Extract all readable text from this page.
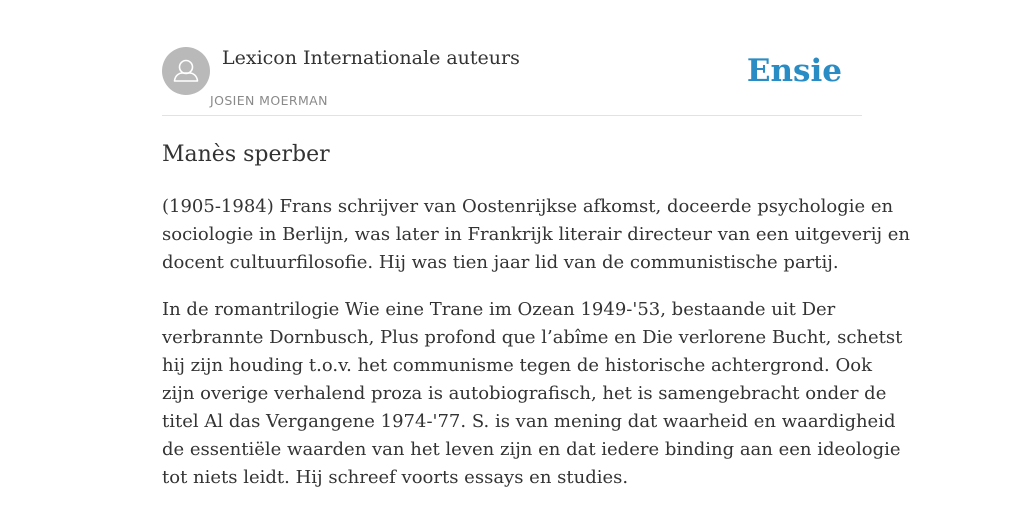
Lexicon Internationale auteurs
JOSIEN MOERMAN
Ensie
Manès sperber

(1905-1984) Frans schrijver van Oostenrijkse afkomst, doceerde psychologie en
sociologie in Berlijn, was later in Frankrijk literair directeur van een uitgeverij en
docent cultuurfilosofie. Hij was tien jaar lid van de communistische partij.

In de romantrilogie Wie eine Trane im Ozean 1949-'53, bestaande uit Der
verbrannte Dornbusch, Plus profond que l’abîme en Die verlorene Bucht, schetst
hij zijn houding t.o.v. het communisme tegen de historische achtergrond. Ook
zijn overige verhalend proza is autobiografisch, het is samengebracht onder de
titel Al das Vergangene 1974-'77. S. is van mening dat waarheid en waardigheid
de essentiële waarden van het leven zijn en dat iedere binding aan een ideologie
tot niets leidt. Hij schreef voorts essays en studies.
